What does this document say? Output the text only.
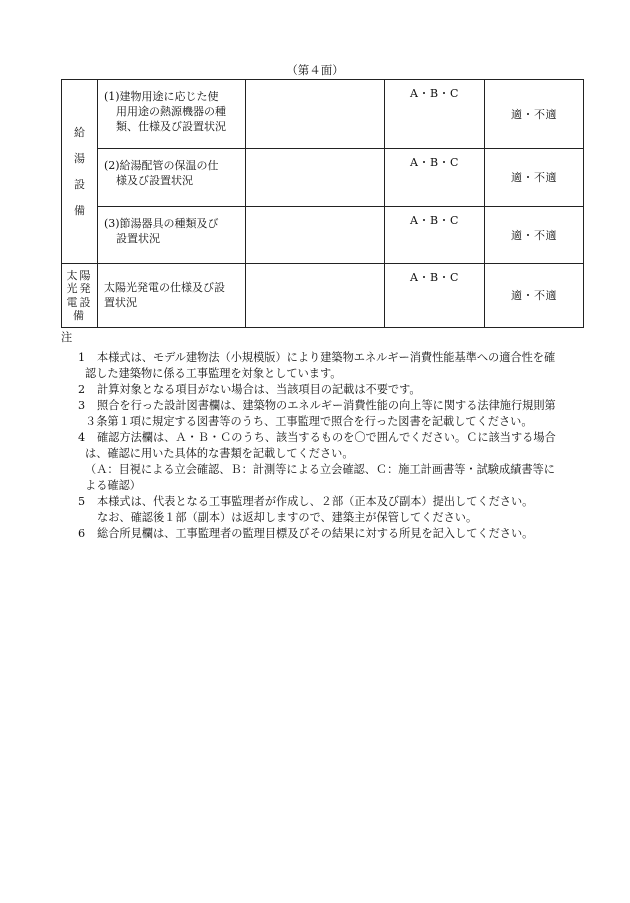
（第４面）
給
湯
設
備	(1) 建物用途に応じた使
用用途の熱源機器の種
類、仕様及び設置状況		A・B・C	適・不適
	(2) 給湯配管の保温の仕
様及び設置状況		A・B・C	適・不適
	(3) 節湯器具の種類及び
設置状況		A・B・C	適・不適

太陽
光発
電設
備	太陽光発電の仕様及び設
置状況		A・B・C	適・不適
注
1	本様式は、モデル建物法（小規模版）により建築物エネルギー消費性能基準への適合性を確
認した建築物に係る工事監理を対象としています。
2	計算対象となる項目がない場合は、当該項目の記載は不要です。
3	照合を行った設計図書欄は、建築物のエネルギー消費性能の向上等に関する法律施行規則第
３条第１項に規定する図書等のうち、工事監理で照合を行った図書を記載してください。
4	確認方法欄は、Ａ・Ｂ・Ｃのうち、該当するものを〇で囲んでください。Ｃに該当する場合
は、確認に用いた具体的な書類を記載してください。
（Ａ：目視による立会確認、Ｂ：計測等による立会確認、Ｃ：施工計画書等・試験成績書等に
よる確認）
5	本様式は、代表となる工事監理者が作成し、２部（正本及び副本）提出してください。
なお、確認後１部（副本）は返却しますので、建築主が保管してください。
6	総合所見欄は、工事監理者の監理目標及びその結果に対する所見を記入してください。
